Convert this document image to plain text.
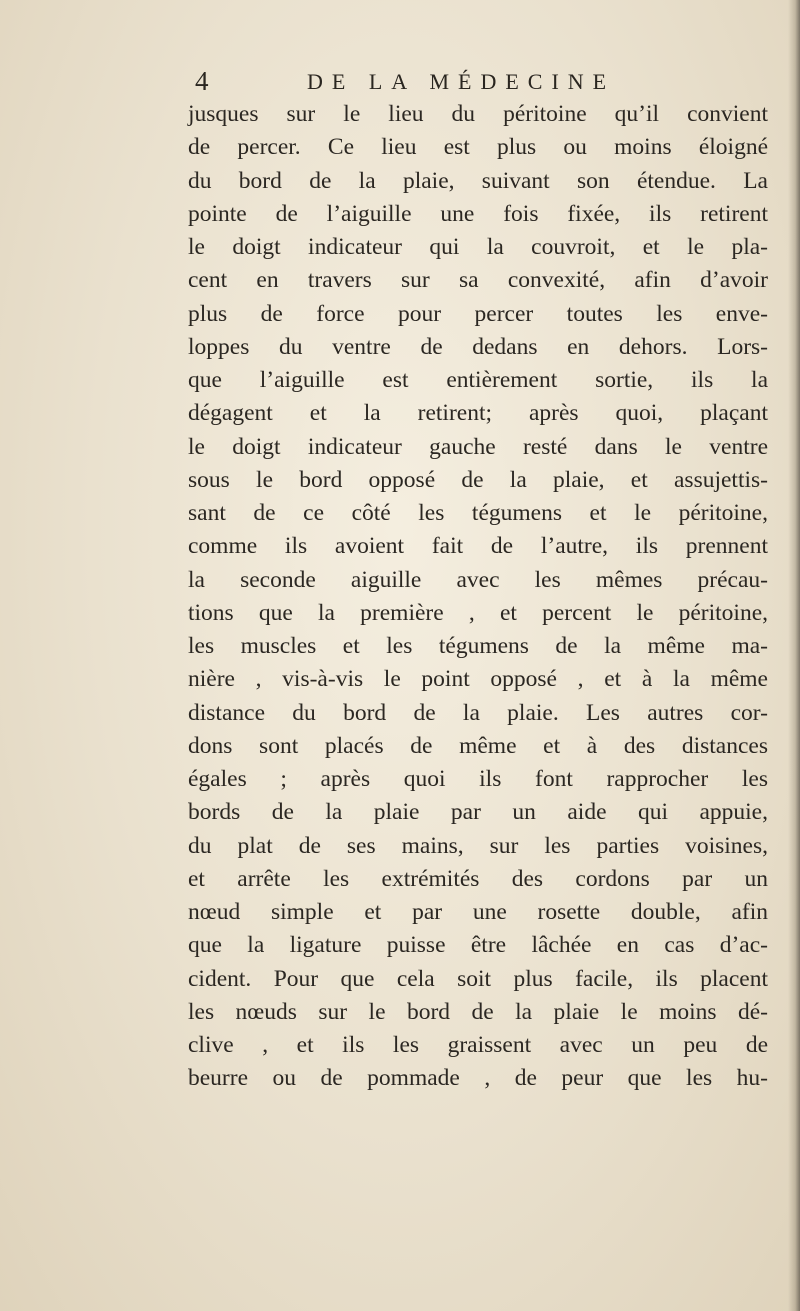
4	DE LA MÉDECINE
jusques sur le lieu du péritoine qu’il convient
de percer. Ce lieu est plus ou moins éloigné
du bord de la plaie, suivant son étendue. La
pointe de l’aiguille une fois fixée, ils retirent
le doigt indicateur qui la couvroit, et le pla-
cent en travers sur sa convexité, afin d’avoir
plus de force pour percer toutes les enve-
loppes du ventre de dedans en dehors. Lors-
que l’aiguille est entièrement sortie, ils la
dégagent et la retirent; après quoi, plaçant
le doigt indicateur gauche resté dans le ventre
sous le bord opposé de la plaie, et assujettis-
sant de ce côté les tégumens et le péritoine,
comme ils avoient fait de l’autre, ils prennent
la seconde aiguille avec les mêmes précau-
tions que la première , et percent le péritoine,
les muscles et les tégumens de la même ma-
nière , vis-à-vis le point opposé , et à la même
distance du bord de la plaie. Les autres cor-
dons sont placés de même et à des distances
égales ; après quoi ils font rapprocher les
bords de la plaie par un aide qui appuie,
du plat de ses mains, sur les parties voisines,
et arrête les extrémités des cordons par un
nœud simple et par une rosette double, afin
que la ligature puisse être lâchée en cas d’ac-
cident. Pour que cela soit plus facile, ils placent
les nœuds sur le bord de la plaie le moins dé-
clive , et ils les graissent avec un peu de
beurre ou de pommade , de peur que les hu-
